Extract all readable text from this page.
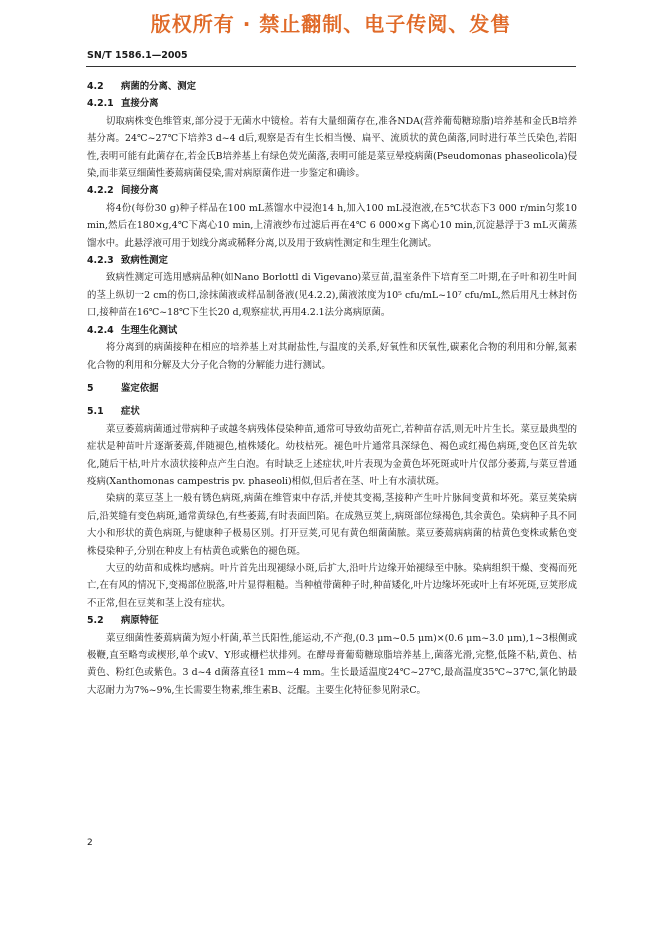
版权所有 · 禁止翻制、电子传阅、发售
SN/T 1586.1—2005
4.2 病菌的分离、测定
4.2.1 直接分离

切取病株变色维管束,部分浸于无菌水中镜检。若有大量细菌存在,准各NDA(营养葡萄糖琼脂)培养基和金氏B培养基分离。24℃~27℃下培养3 d~4 d后,观察是否有生长相当慢、扁平、流质状的黄色菌落,同时进行革兰氏染色,若阳性,表明可能有此菌存在,若金氏B培养基上有绿色荧光菌落,表明可能是菜豆晕疫病菌(Pseudomonas phaseolicola)侵染,而非菜豆细菌性萎蔫病菌侵染,需对病原菌作进一步鉴定和确诊。

4.2.2 间接分离

将4份(每份30 g)种子样品在100 mL蒸馏水中浸泡14 h,加入100 mL浸泡液,在5℃状态下3 000 r/min匀浆10 min,然后在180×g,4℃下离心10 min,上清液纱布过滤后再在4℃ 6 000×g下离心10 min,沉淀悬浮于3 mL灭菌蒸馏水中。此悬浮液可用于划线分离或稀释分离,以及用于致病性测定和生理生化测试。

4.2.3 致病性测定

致病性测定可选用感病品种(如Nano Borlottl di Vigevano)菜豆苗,温室条件下培育至二叶期,在子叶和初生叶间的茎上纵切一2 cm的伤口,涂抹菌液或样品制备液(见4.2.2),菌液浓度为10⁵ cfu/mL~10⁷ cfu/mL,然后用凡士林封伤口,接种苗在16℃~18℃下生长20 d,观察症状,再用4.2.1法分离病原菌。

4.2.4 生理生化测试

将分离到的病菌接种在相应的培养基上对其耐盐性,与温度的关系,好氧性和厌氧性,碳素化合物的利用和分解,氮素化合物的利用和分解及大分子化合物的分解能力进行测试。

5	鉴定依据
5.1 症状

菜豆萎蔫病菌通过带病种子或越冬病残体侵染种苗,通常可导致幼苗死亡,若种苗存活,则无叶片生长。菜豆最典型的症状是种苗叶片逐渐萎蔫,伴随褪色,植株矮化。幼枝枯死。褪色叶片通常具深绿色、褐色或红褐色病斑,变色区首先软化,随后干枯,叶片水渍状接种点产生白泡。有时缺乏上述症状,叶片表现为金黄色坏死斑或叶片仅部分萎蔫,与菜豆普通疫病(Xanthomonas campestris pv. phaseoli)相似,但后者在茎、叶上有水渍状斑。

染病的菜豆茎上一般有锈色病斑,病菌在维管束中存活,并使其变褐,茎接种产生叶片脉间变黄和坏死。菜豆荚染病后,沿荚缝有变色病斑,通常黄绿色,有些萎蔫,有时表面凹陷。在成熟豆荚上,病斑部位绿褐色,其余黄色。染病种子具不同大小和形状的黄色病斑,与健康种子极易区别。打开豆荚,可见有黄色细菌菌脓。菜豆萎蔫病病菌的枯黄色变株或紫色变株侵染种子,分别在种皮上有枯黄色或紫色的褪色斑。

大豆的幼苗和成株均感病。叶片首先出现褪绿小斑,后扩大,沿叶片边缘开始褪绿至中脉。染病组织干燥、变褐而死亡,在有风的情况下,变褐部位脱落,叶片显得粗糙。当种植带菌种子时,种苗矮化,叶片边缘坏死或叶上有坏死斑,豆荚形成不正常,但在豆荚和茎上没有症状。

5.2 病原特征

菜豆细菌性萎蔫病菌为短小杆菌,革兰氏阳性,能运动,不产孢,(0.3 μm~0.5 μm)×(0.6 μm~3.0 μm),1~3根侧或极鞭,直至略弯或楔形,单个或V、Y形或栅栏状排列。在酵母膏葡萄糖琼脂培养基上,菌落光滑,完整,低隆不粘,黄色、枯黄色、粉红色或紫色。3 d~4 d菌落直径1 mm~4 mm。生长最适温度24℃~27℃,最高温度35℃~37℃,氯化钠最大忍耐力为7%~9%,生长需要生物素,维生素B、泛醌。主要生化特征参见附录C。

2
